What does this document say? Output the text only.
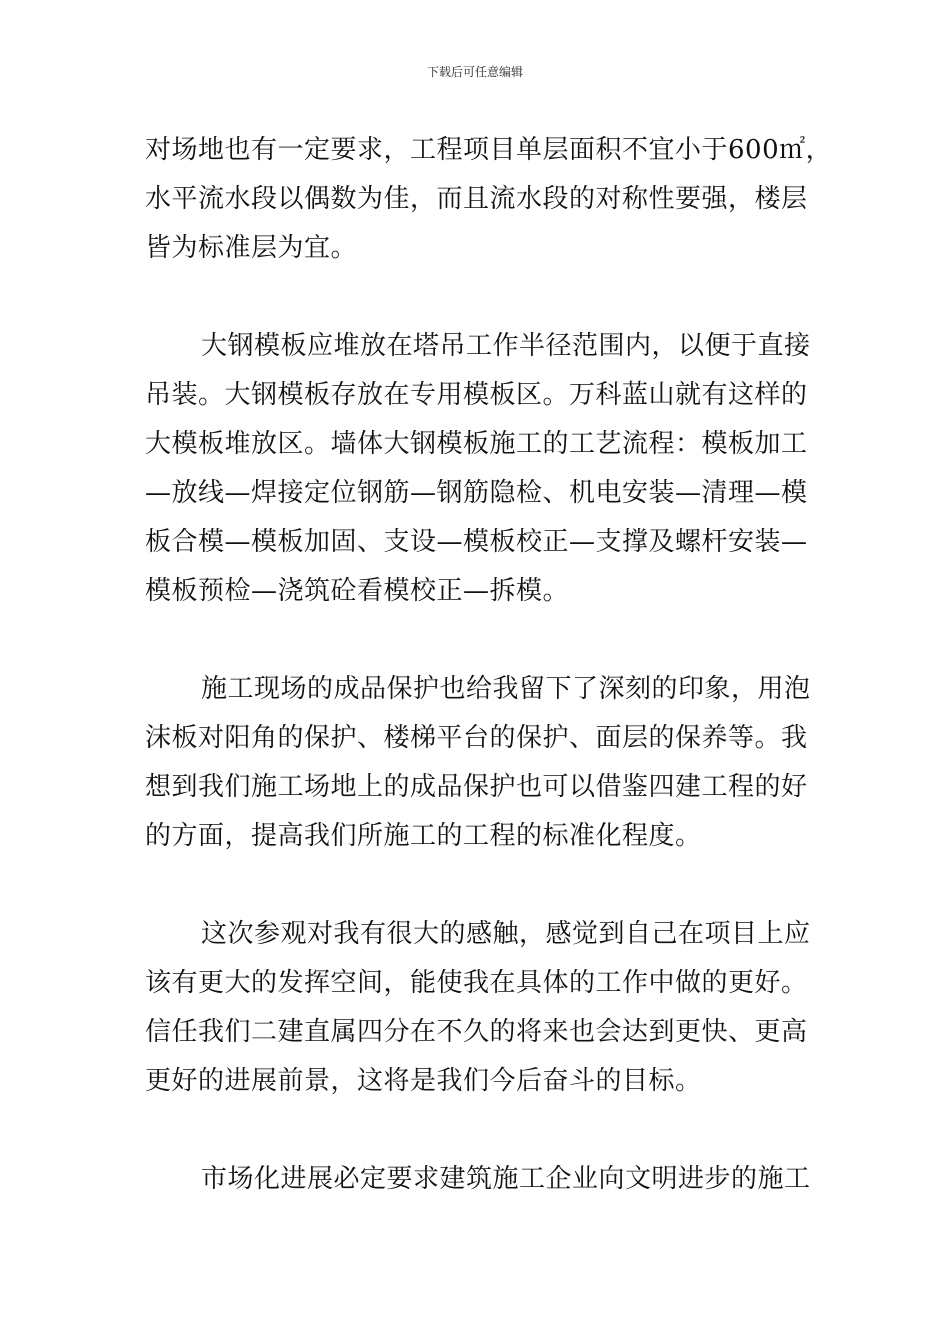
下载后可任意编辑
对场地也有一定要求，工程项目单层面积不宜小于600㎡，
水平流水段以偶数为佳，而且流水段的对称性要强，楼层
皆为标准层为宜。
大钢模板应堆放在塔吊工作半径范围内，以便于直接
吊装。大钢模板存放在专用模板区。万科蓝山就有这样的
大模板堆放区。墙体大钢模板施工的工艺流程：模板加工
—放线—焊接定位钢筋—钢筋隐检、机电安装—清理—模
板合模—模板加固、支设—模板校正—支撑及螺杆安装—
模板预检—浇筑砼看模校正—拆模。
施工现场的成品保护也给我留下了深刻的印象，用泡
沫板对阳角的保护、楼梯平台的保护、面层的保养等。我
想到我们施工场地上的成品保护也可以借鉴四建工程的好
的方面，提高我们所施工的工程的标准化程度。
这次参观对我有很大的感触，感觉到自己在项目上应
该有更大的发挥空间，能使我在具体的工作中做的更好。
信任我们二建直属四分在不久的将来也会达到更快、更高
更好的进展前景，这将是我们今后奋斗的目标。
市场化进展必定要求建筑施工企业向文明进步的施工
